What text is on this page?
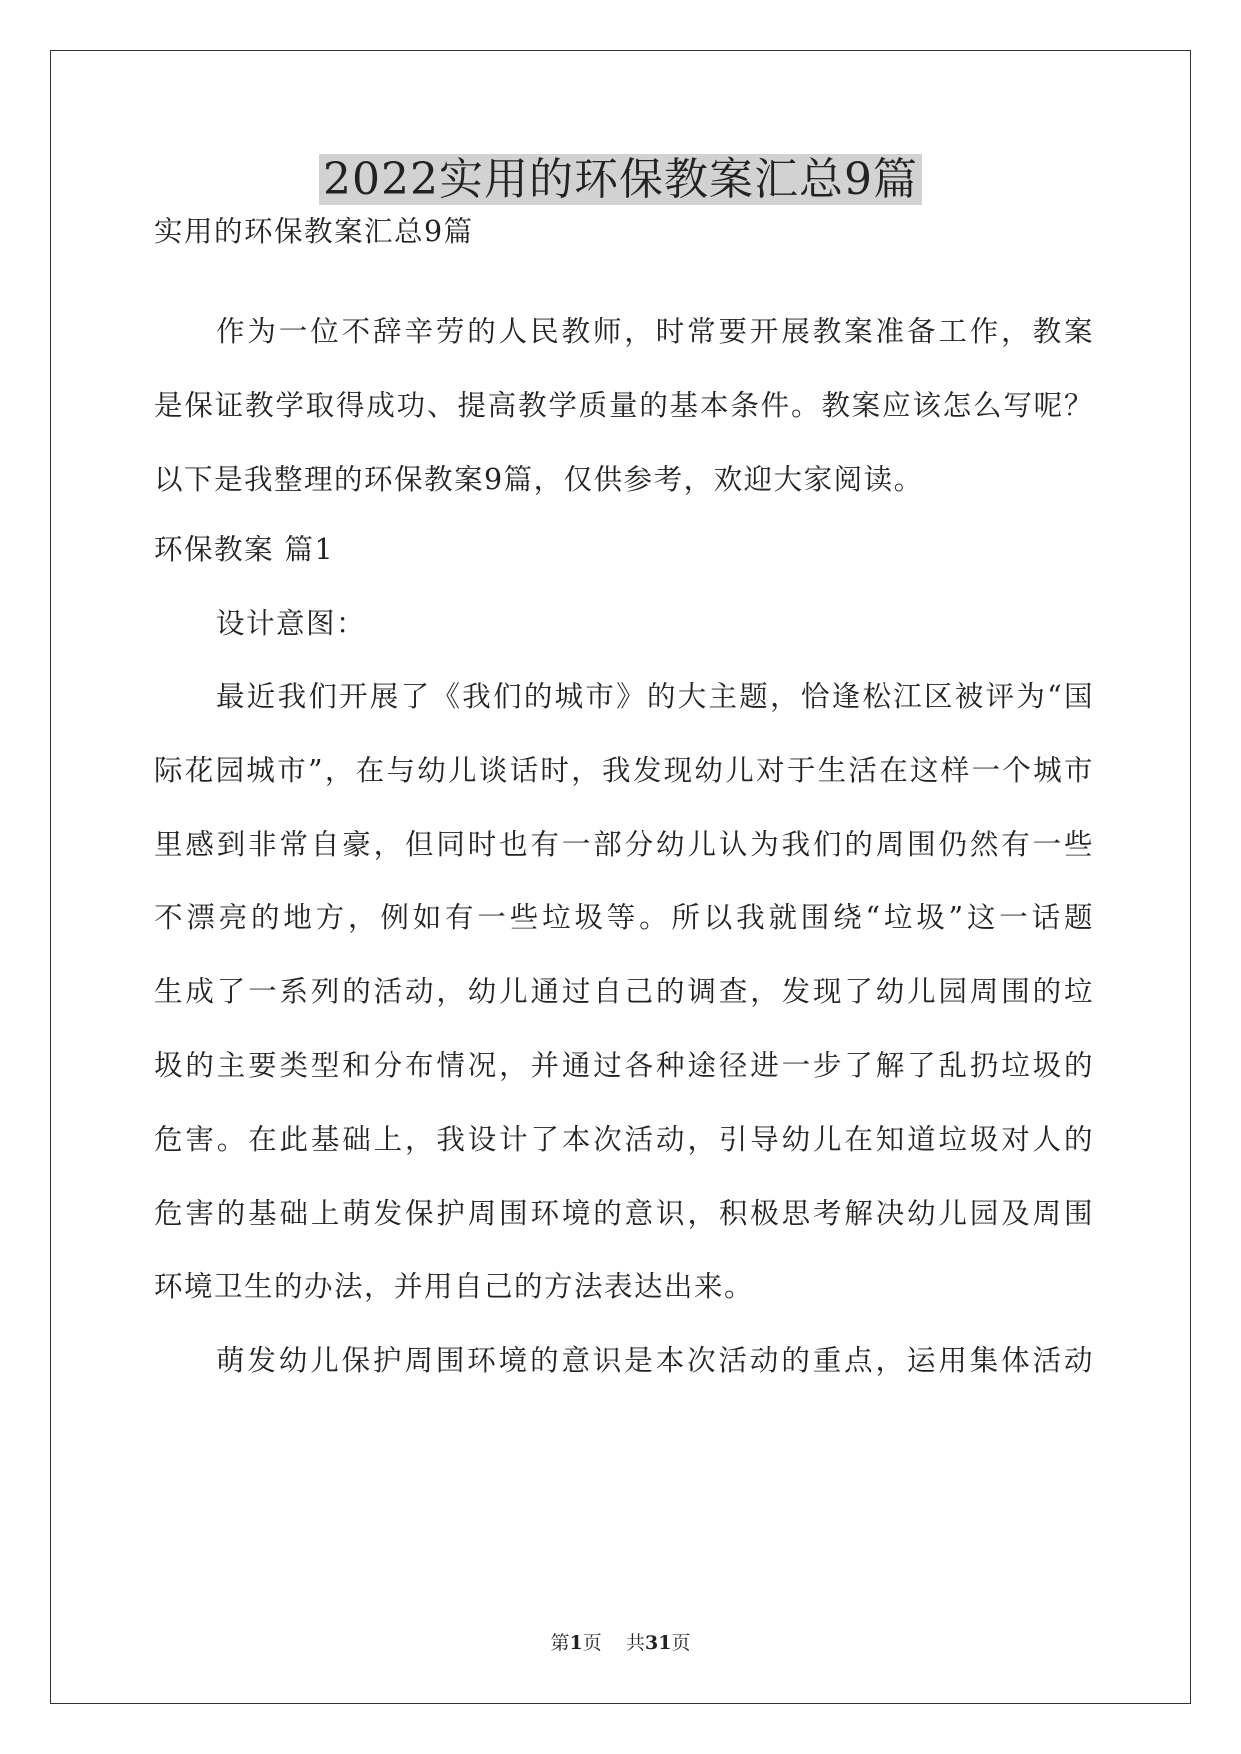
2022实用的环保教案汇总9篇
实用的环保教案汇总9篇
作为一位不辞辛劳的人民教师，时常要开展教案准备工作，教案
是保证教学取得成功、提高教学质量的基本条件。教案应该怎么写呢？
以下是我整理的环保教案9篇，仅供参考，欢迎大家阅读。
环保教案 篇1
设计意图：
最近我们开展了《我们的城市》的大主题，恰逢松江区被评为“国
际花园城市”，在与幼儿谈话时，我发现幼儿对于生活在这样一个城市
里感到非常自豪，但同时也有一部分幼儿认为我们的周围仍然有一些
不漂亮的地方，例如有一些垃圾等。所以我就围绕“垃圾”这一话题
生成了一系列的活动，幼儿通过自己的调查，发现了幼儿园周围的垃
圾的主要类型和分布情况，并通过各种途径进一步了解了乱扔垃圾的
危害。在此基础上，我设计了本次活动，引导幼儿在知道垃圾对人的
危害的基础上萌发保护周围环境的意识，积极思考解决幼儿园及周围
环境卫生的办法，并用自己的方法表达出来。
萌发幼儿保护周围环境的意识是本次活动的重点，运用集体活动
第1页 共31页
